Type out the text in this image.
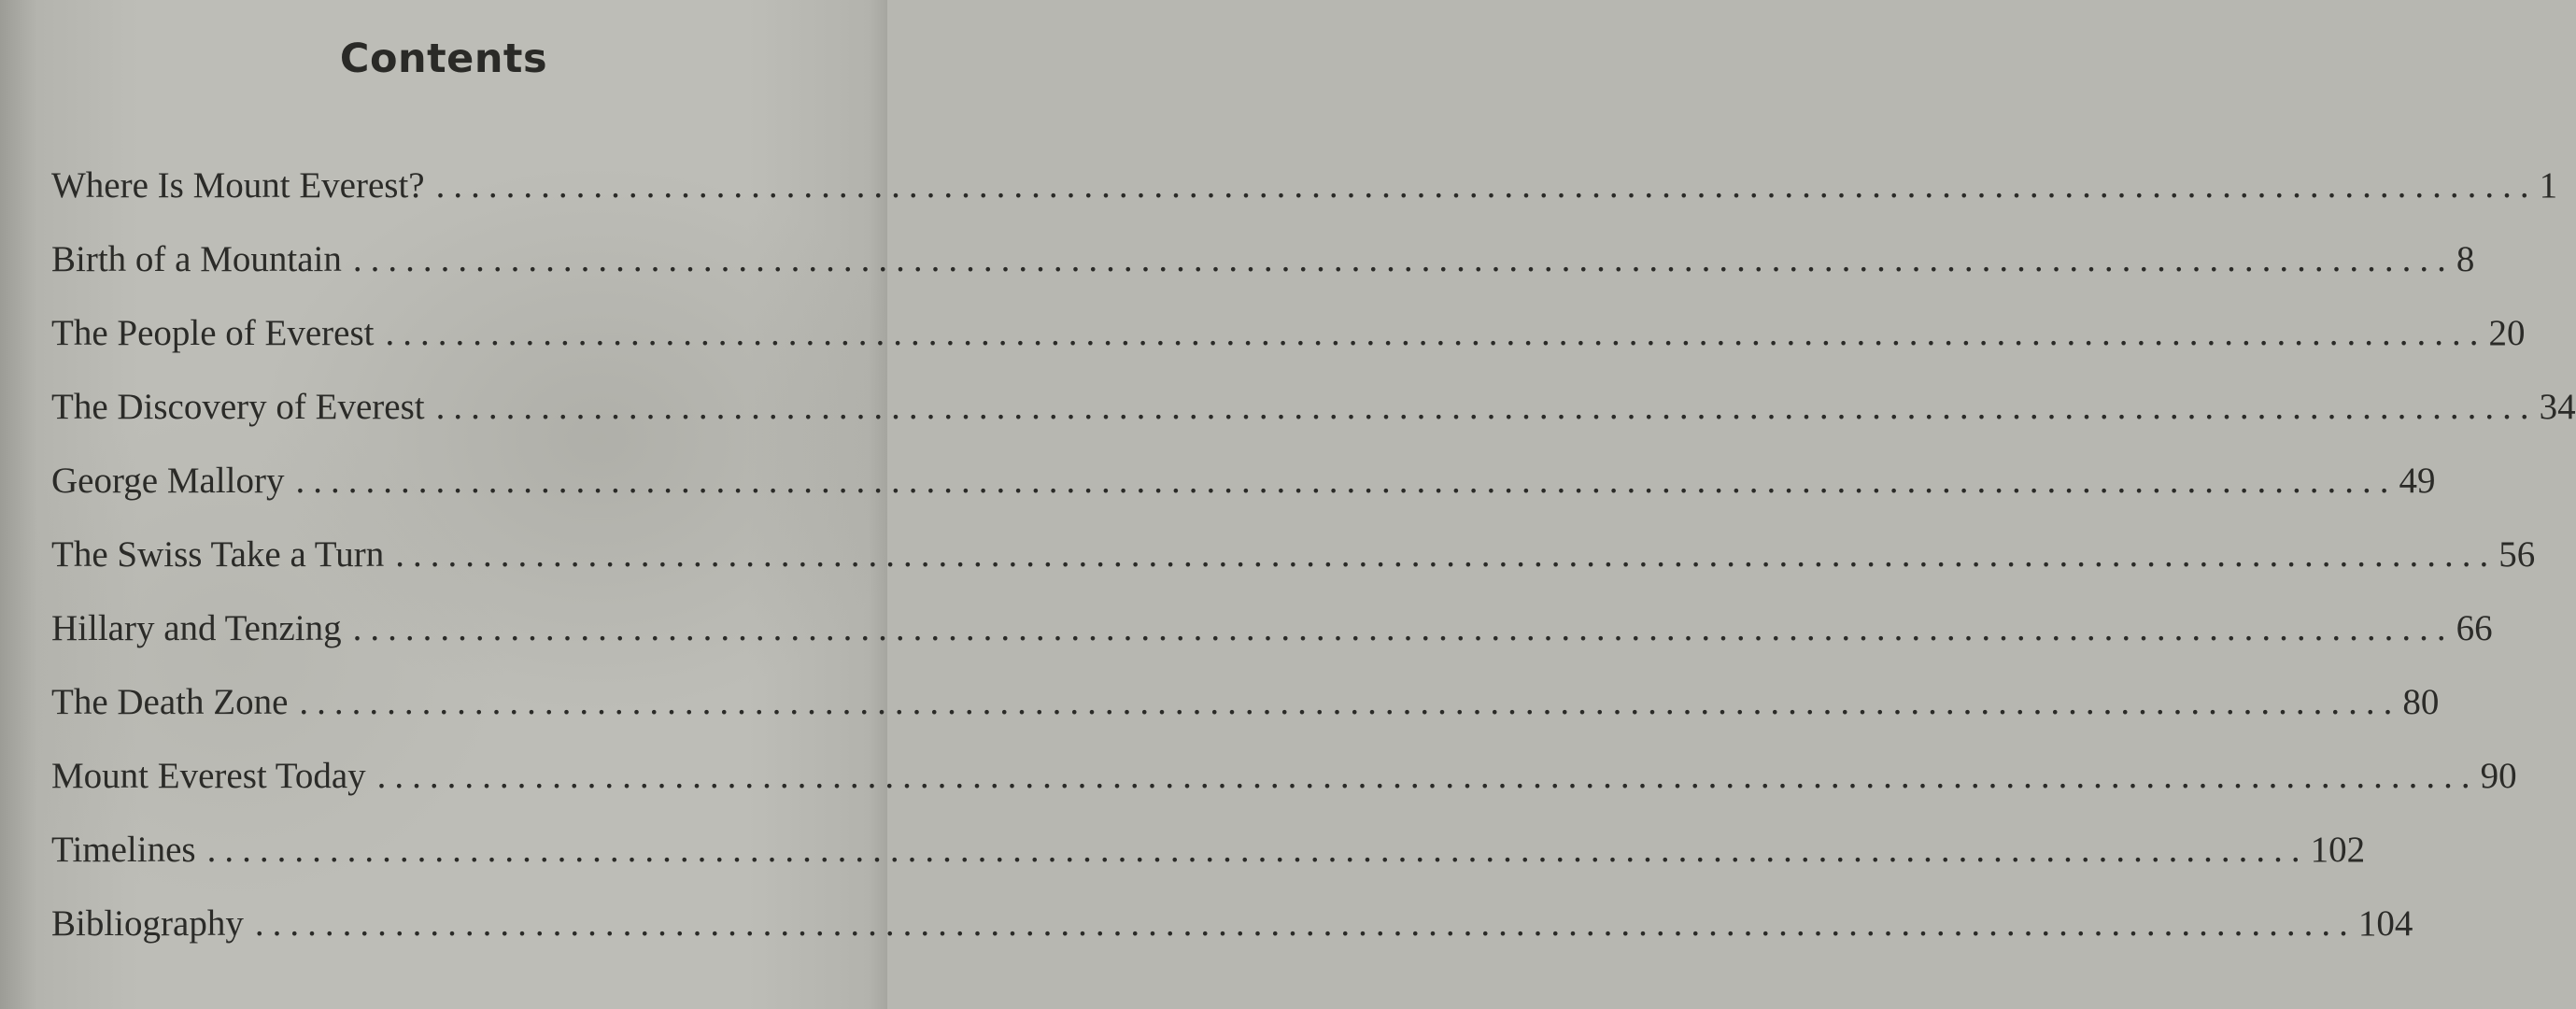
Contents
Where Is Mount Everest? ........................................................................................................................ 1
Birth of a Mountain ........................................................................................................................ 8
The People of Everest ........................................................................................................................ 20
The Discovery of Everest ........................................................................................................................ 34
George Mallory ........................................................................................................................ 49
The Swiss Take a Turn ........................................................................................................................ 56
Hillary and Tenzing ........................................................................................................................ 66
The Death Zone ........................................................................................................................ 80
Mount Everest Today ........................................................................................................................ 90
Timelines ........................................................................................................................ 102
Bibliography ........................................................................................................................ 104
